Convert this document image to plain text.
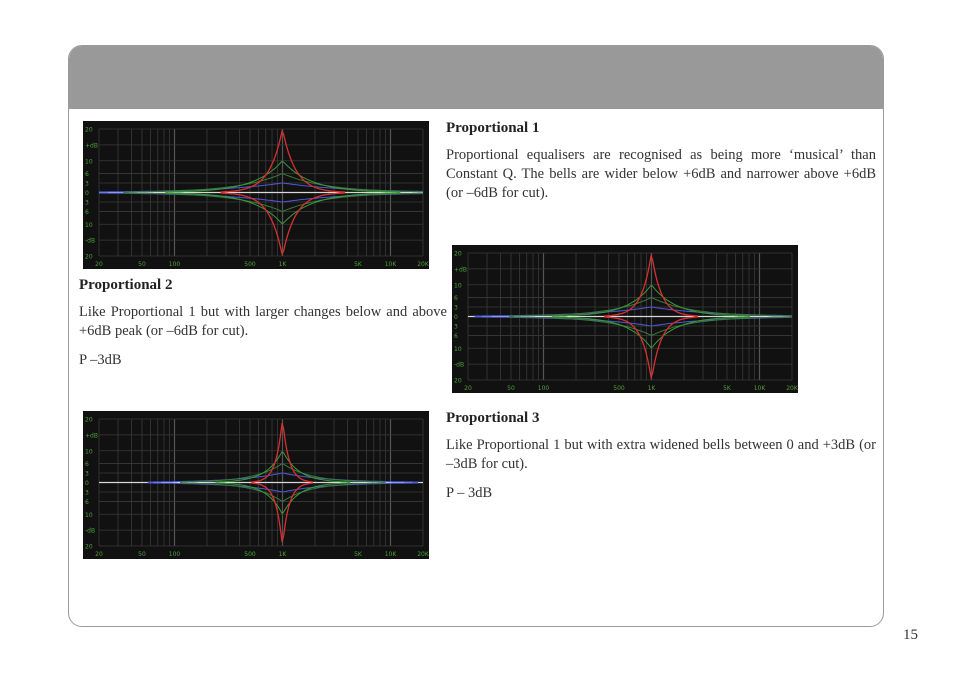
20
+dB
10
6
3
0
3
6
10
-dB
20
20	50	100	500	1K	5K	10K	20K
Proportional 1

Proportional equalisers are recognised as being more ‘musical’ than Constant Q. The bells are wider below +6dB and narrower above +6dB (or –6dB for cut).

Proportional 2

Like Proportional 1 but with larger changes below and above +6dB peak (or –6dB for cut).

P –3dB

20
+dB
10
6
3
0
3
6
10
-dB
20
20	50	100	500	1K	5K	10K	20K
20
+dB
10
6
3
0
3
6
10
-dB
20
20	50	100	500	1K	5K	10K	20K
Proportional 3

Like Proportional 1 but with extra widened bells between 0 and +3dB (or –3dB for cut).

P – 3dB

15
